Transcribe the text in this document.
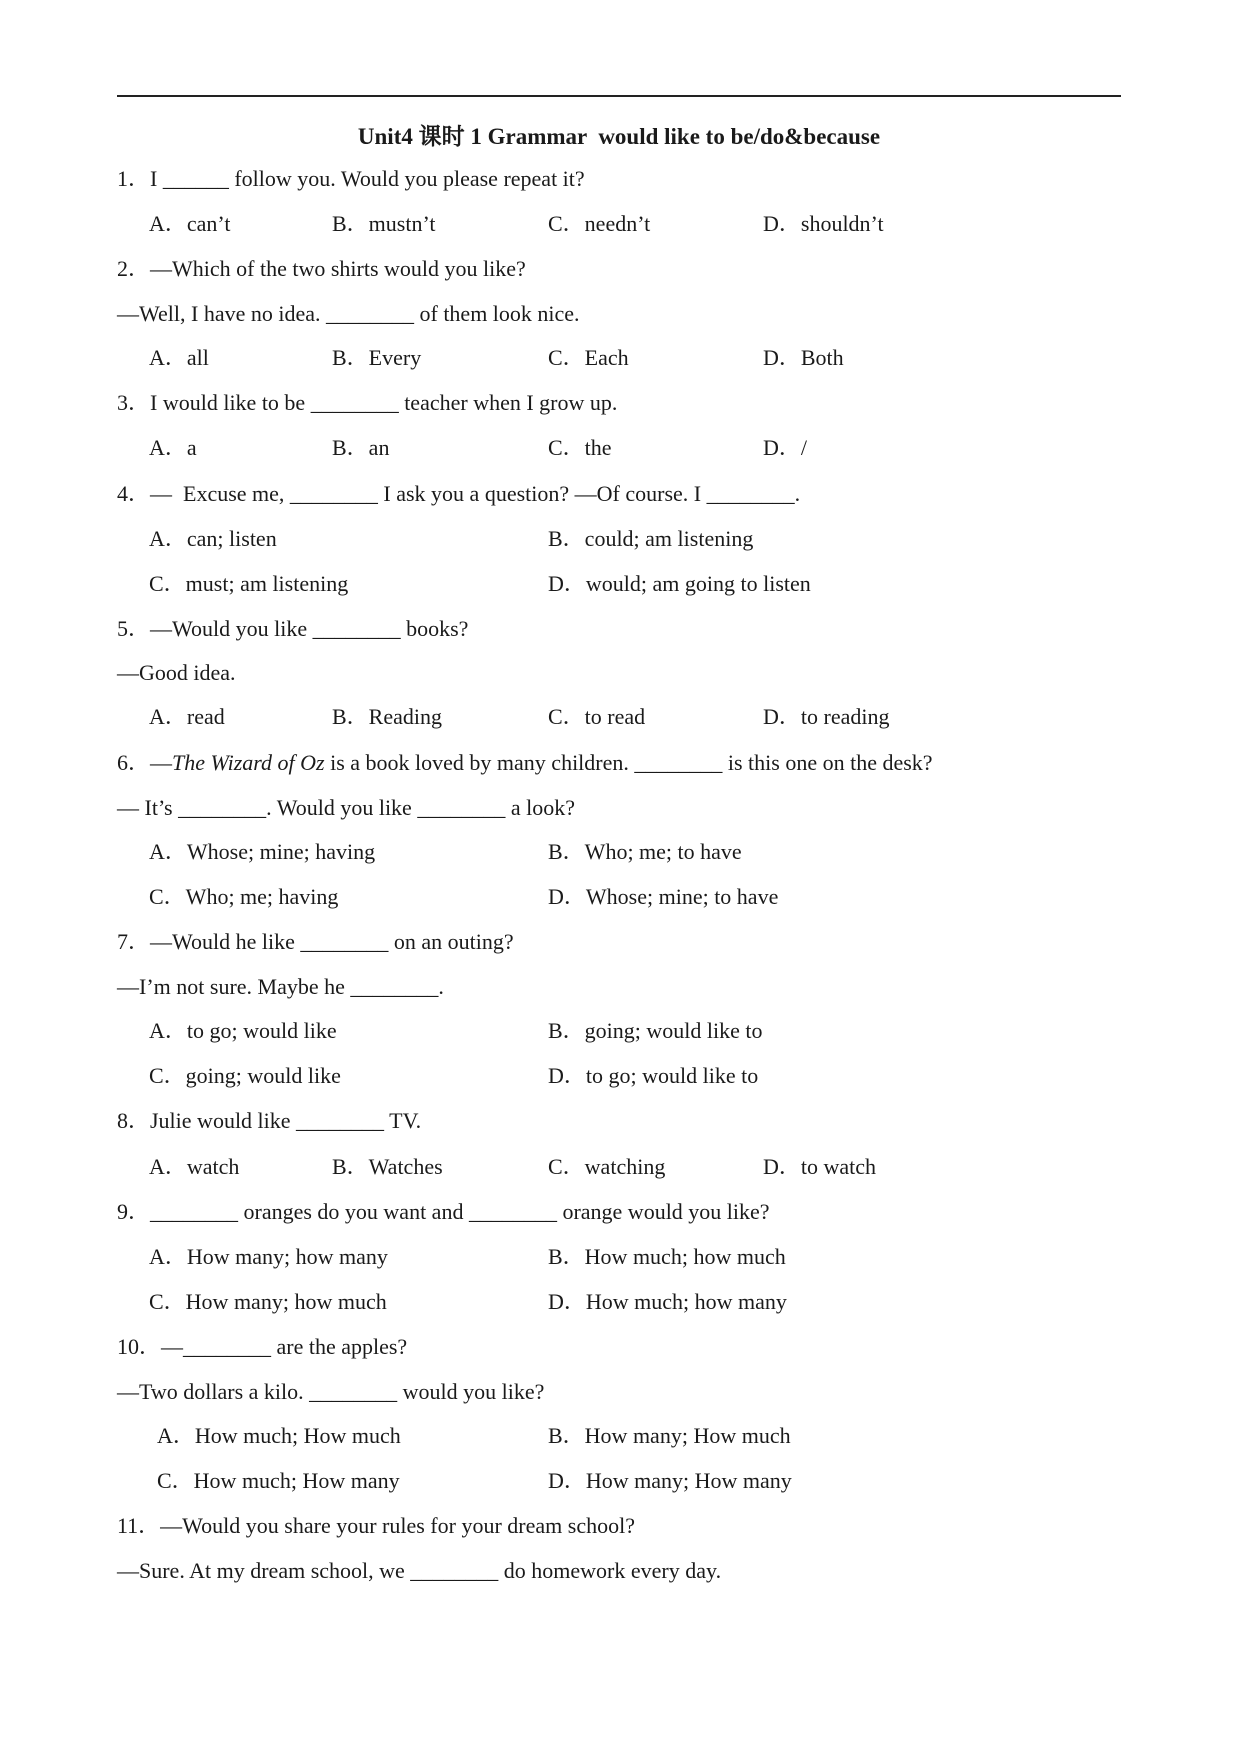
Unit4 课时 1 Grammar  would like to be/do&because
1．I ______ follow you. Would you please repeat it?
A．can’t	B．mustn’t	C．needn’t	D．shouldn’t
2．—Which of the two shirts would you like?
—Well, I have no idea. ________ of them look nice.
A．all	B．Every	C．Each	D．Both
3．I would like to be ________ teacher when I grow up.
A．a	B．an	C．the	D．/
4．—  Excuse me, ________ I ask you a question? —Of course. I ________.
A．can; listen	B．could; am listening
C．must; am listening	D．would; am going to listen
5．—Would you like ________ books?
—Good idea.
A．read	B．Reading	C．to read	D．to reading
6．—The Wizard of Oz is a book loved by many children. ________ is this one on the desk?
— It’s ________. Would you like ________ a look?
A．Whose; mine; having	B．Who; me; to have
C．Who; me; having	D．Whose; mine; to have
7．—Would he like ________ on an outing?
—I’m not sure. Maybe he ________.
A．to go; would like	B．going; would like to
C．going; would like	D．to go; would like to
8．Julie would like ________ TV.
A．watch	B．Watches	C．watching	D．to watch
9．________ oranges do you want and ________ orange would you like?
A．How many; how many	B．How much; how much
C．How many; how much	D．How much; how many
10．—________ are the apples?
—Two dollars a kilo. ________ would you like?
A．How much; How much	B．How many; How much
C．How much; How many	D．How many; How many
11．—Would you share your rules for your dream school?
—Sure. At my dream school, we ________ do homework every day.
